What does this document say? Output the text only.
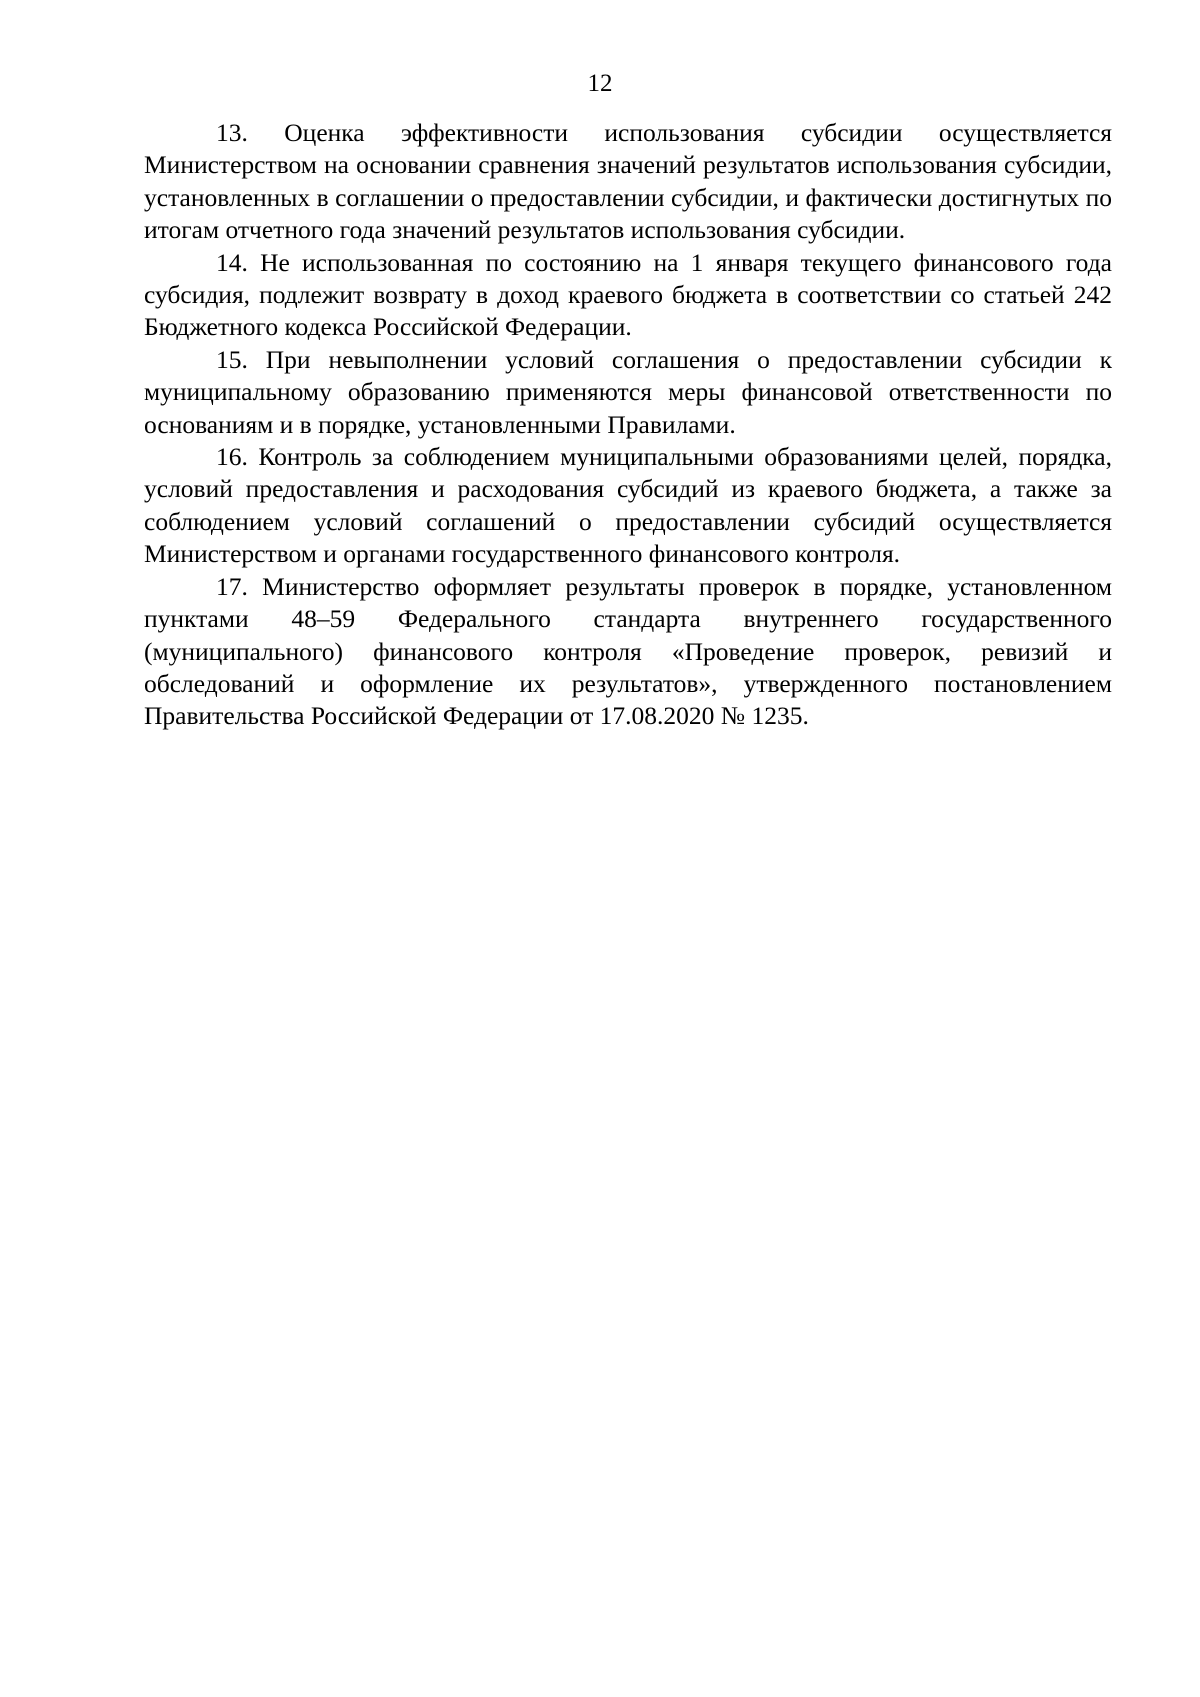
12

13. Оценка эффективности использования субсидии осуществляется Министерством на основании сравнения значений результатов использования субсидии, установленных в соглашении о предоставлении субсидии, и фактически достигнутых по итогам отчетного года значений результатов использования субсидии.

14. Не использованная по состоянию на 1 января текущего финансового года субсидия, подлежит возврату в доход краевого бюджета в соответствии со статьей 242 Бюджетного кодекса Российской Федерации.

15. При невыполнении условий соглашения о предоставлении субсидии к муниципальному образованию применяются меры финансовой ответственности по основаниям и в порядке, установленными Правилами.

16. Контроль за соблюдением муниципальными образованиями целей, порядка, условий предоставления и расходования субсидий из краевого бюджета, а также за соблюдением условий соглашений о предоставлении субсидий осуществляется Министерством и органами государственного финансового контроля.

17. Министерство оформляет результаты проверок в порядке, установленном пунктами 48–59 Федерального стандарта внутреннего государственного (муниципального) финансового контроля «Проведение проверок, ревизий и обследований и оформление их результатов», утвержденного постановлением Правительства Российской Федерации от 17.08.2020 № 1235.
